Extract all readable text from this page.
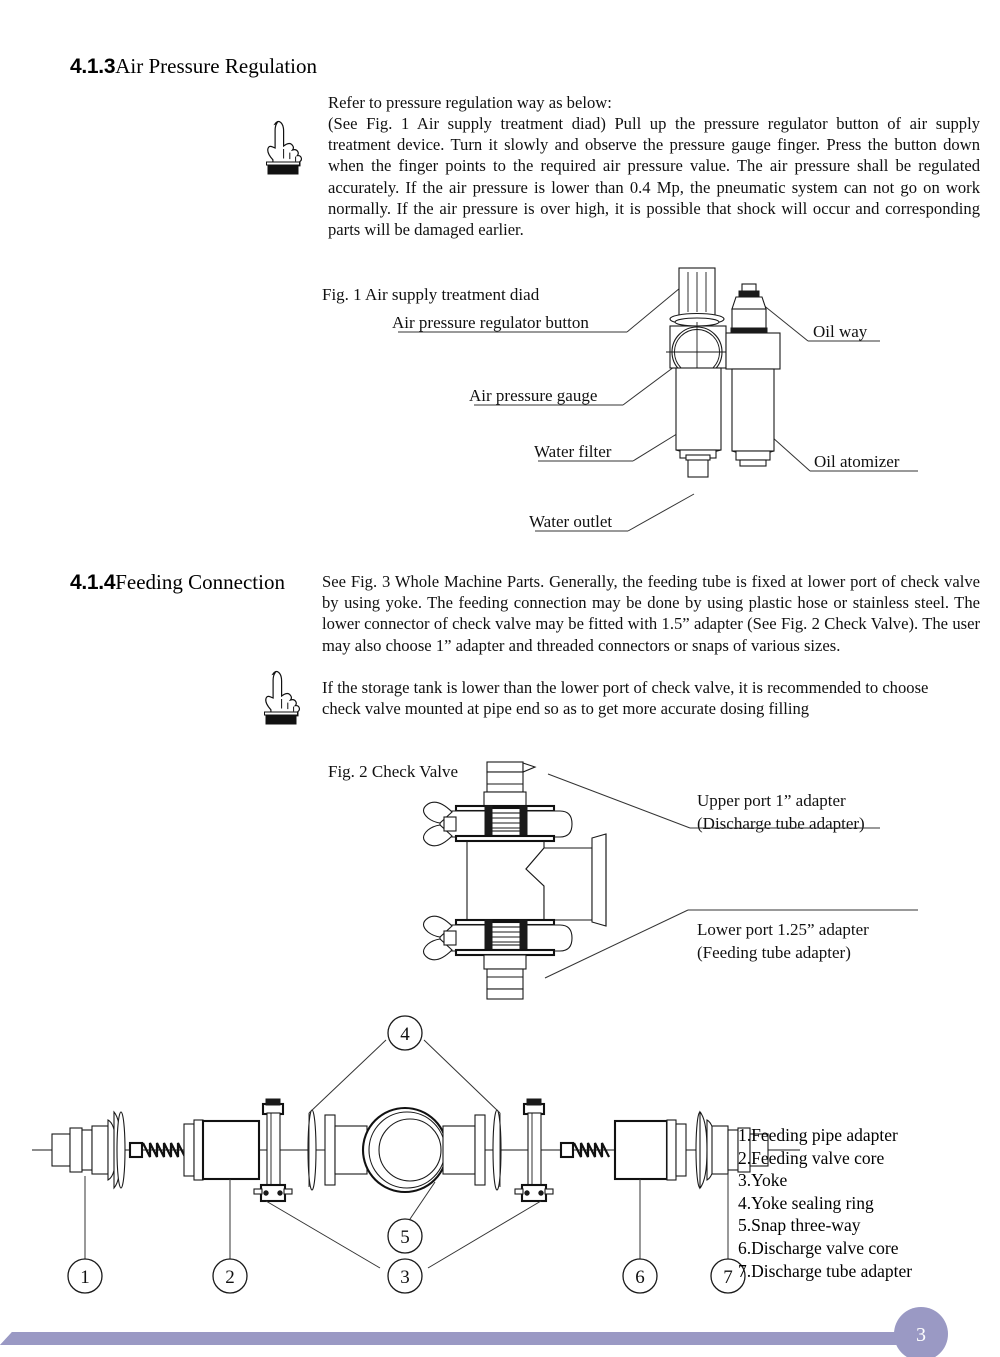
4.1.3Air Pressure Regulation
Refer to pressure regulation way as below:
(See Fig. 1 Air supply treatment diad) Pull up the pressure regulator button of air supply treatment device. Turn it slowly and observe the pressure gauge finger. Press the button down when the finger points to the required air pressure value. The air pressure shall be regulated accurately. If the air pressure is lower than 0.4 Mp, the pneumatic system can not go on work normally. If the air pressure is over high, it is possible that shock will occur and corresponding parts will be damaged earlier.
Fig. 1 Air supply treatment diad
Air pressure regulator button
Air pressure gauge
Water filter
Water outlet
Oil way
Oil atomizer
4.1.4Feeding Connection See Fig. 3 Whole Machine Parts. Generally, the feeding tube is fixed at lower port of check valve by using yoke. The feeding connection may be done by using plastic hose or stainless steel. The lower connector of check valve may be fitted with 1.5” adapter (See Fig. 2 Check Valve). The user may also choose 1” adapter and threaded connectors or snaps of various sizes.
If the storage tank is lower than the lower port of check valve, it is recommended to choose check valve mounted at pipe end so as to get more accurate dosing filling
Fig. 2 Check Valve
Upper port 1” adapter
(Discharge tube adapter)
Lower port 1.25” adapter
(Feeding tube adapter)
4
5
3
1	2	6	7
1.Feeding pipe adapter
2.Feeding valve core
3.Yoke
4.Yoke sealing ring
5.Snap three-way
6.Discharge valve core
7.Discharge tube adapter
3
